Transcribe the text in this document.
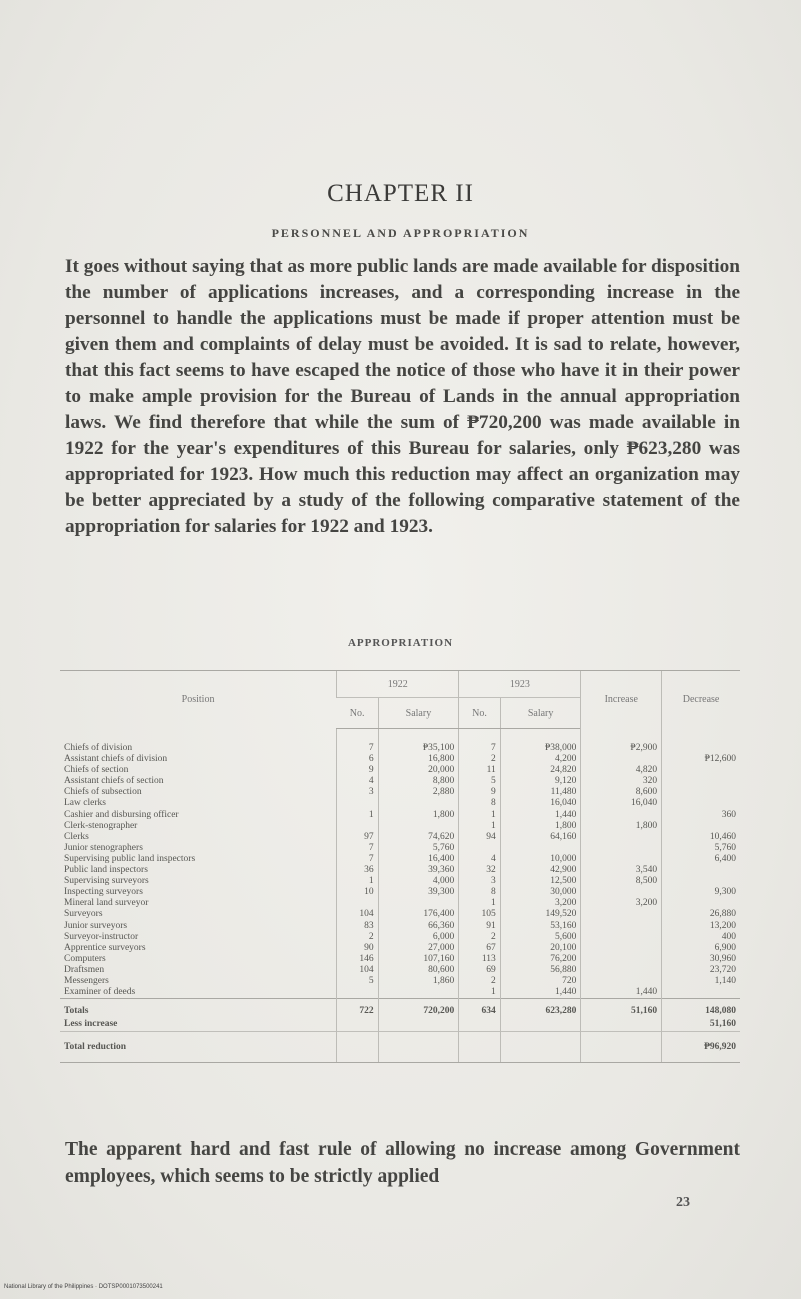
CHAPTER II
PERSONNEL AND APPROPRIATION

It goes without saying that as more public lands are made available for disposition the number of applications increases, and a corresponding increase in the personnel to handle the applications must be made if proper attention must be given them and complaints of delay must be avoided. It is sad to relate, however, that this fact seems to have escaped the notice of those who have it in their power to make ample provision for the Bureau of Lands in the annual appropriation laws. We find therefore that while the sum of ₱720,200 was made available in 1922 for the year's expenditures of this Bureau for salaries, only ₱623,280 was appropriated for 1923. How much this reduction may affect an organization may be better appreciated by a study of the following comparative statement of the appropriation for salaries for 1922 and 1923.

APPROPRIATION

Position	1922		1923		Increase	Decrease
	No.	Salary	No.	Salary		
Chiefs of division	7	₱35,100	7	₱38,000	₱2,900	
Assistant chiefs of division	6	16,800	2	4,200		₱12,600
Chiefs of section	9	20,000	11	24,820	4,820	
Assistant chiefs of section	4	8,800	5	9,120	320	
Chiefs of subsection	3	2,880	9	11,480	8,600	
Law clerks			8	16,040	16,040	
Cashier and disbursing officer	1	1,800	1	1,440		360
Clerk-stenographer			1	1,800	1,800	
Clerks	97	74,620	94	64,160		10,460
Junior stenographers	7	5,760				5,760
Supervising public land inspectors	7	16,400	4	10,000		6,400
Public land inspectors	36	39,360	32	42,900	3,540	
Supervising surveyors	1	4,000	3	12,500	8,500	
Inspecting surveyors	10	39,300	8	30,000		9,300
Mineral land surveyor			1	3,200	3,200	
Surveyors	104	176,400	105	149,520		26,880
Junior surveyors	83	66,360	91	53,160		13,200
Surveyor-instructor	2	6,000	2	5,600		400
Apprentice surveyors	90	27,000	67	20,100		6,900
Computers	146	107,160	113	76,200		30,960
Draftsmen	104	80,600	69	56,880		23,720
Messengers	5	1,860	2	720		1,140
Examiner of deeds			1	1,440	1,440	
Totals	722	720,200	634	623,280	51,160	148,080
Less increase						51,160
Total reduction						₱96,920

The apparent hard and fast rule of allowing no increase among Government employees, which seems to be strictly applied

23

National Library of the Philippines · DOTSP0001073500241
